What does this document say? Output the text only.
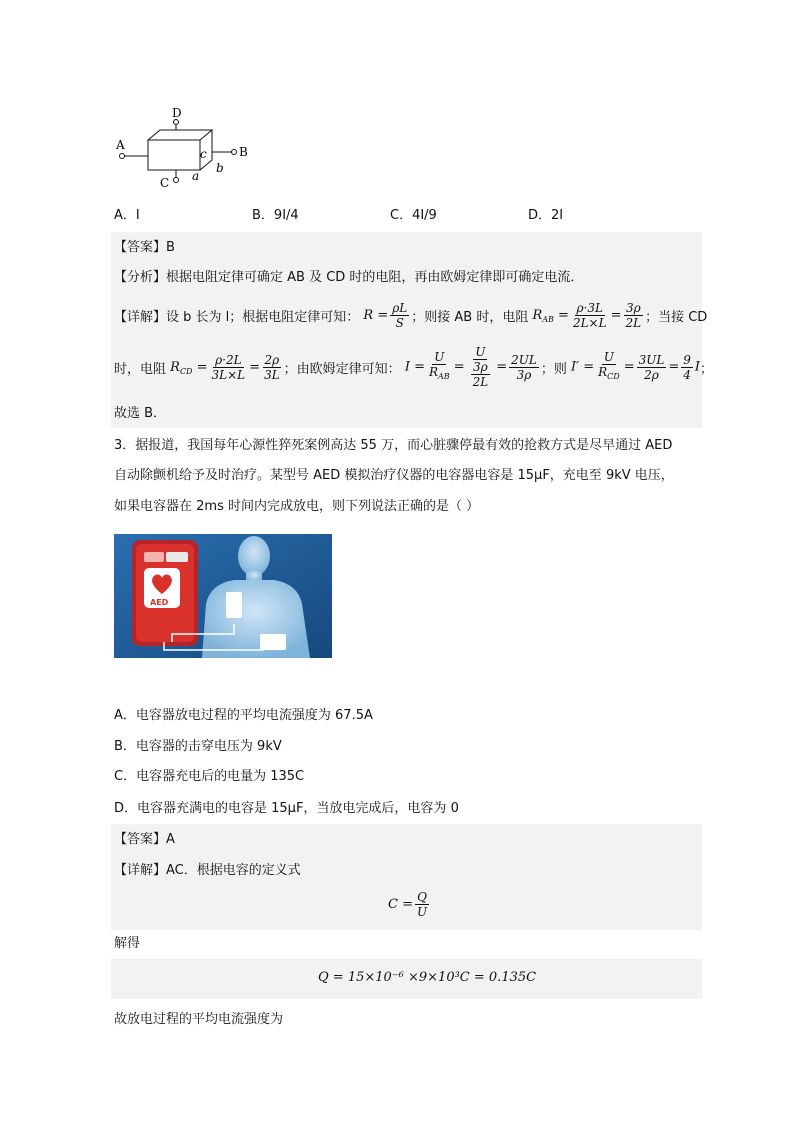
D
A	B
C
c
a
b
A．I	B．9I/4	C．4I/9	D．2I
【答案】B
【分析】根据电阻定律可确定 AB 及 CD 时的电阻，再由欧姆定律即可确定电流．
【详解】设 b 长为 l；根据电阻定律可知： $R = \frac{\rho L}{S}$ ；则接 AB 时，电阻 $R_{AB} = \frac{\rho\cdot 3L}{2L\times L} = \frac{3\rho}{2L}$ ；当接 CD
时，电阻 $R_{CD} = \frac{\rho\cdot 2L}{3L\times L} = \frac{2\rho}{3L}$ ；由欧姆定律可知： $I = \frac{U}{R_{AB}} = \frac{U}{\frac{3\rho}{2L}} = \frac{2UL}{3\rho}$ ；则 $I' = \frac{U}{R_{CD}} = \frac{3UL}{2\rho} = \frac{9}{4}$ I ；
故选 B．
3．据报道，我国每年心源性猝死案例高达 55 万，而心脏骤停最有效的抢救方式是尽早通过 AED
自动除颤机给予及时治疗。某型号 AED 模拟治疗仪器的电容器电容是 15μF，充电至 9kV 电压，
如果电容器在 2ms 时间内完成放电，则下列说法正确的是（ ）
AED
A．电容器放电过程的平均电流强度为 67.5A
B．电容器的击穿电压为 9kV
C．电容器充电后的电量为 135C
D．电容器充满电的电容是 15μF，当放电完成后，电容为 0
【答案】A
【详解】AC．根据电容的定义式
$C = \frac{Q}{U}$
解得
Q = 15×10⁻⁶ ×9×10³C = 0.135C
故放电过程的平均电流强度为
